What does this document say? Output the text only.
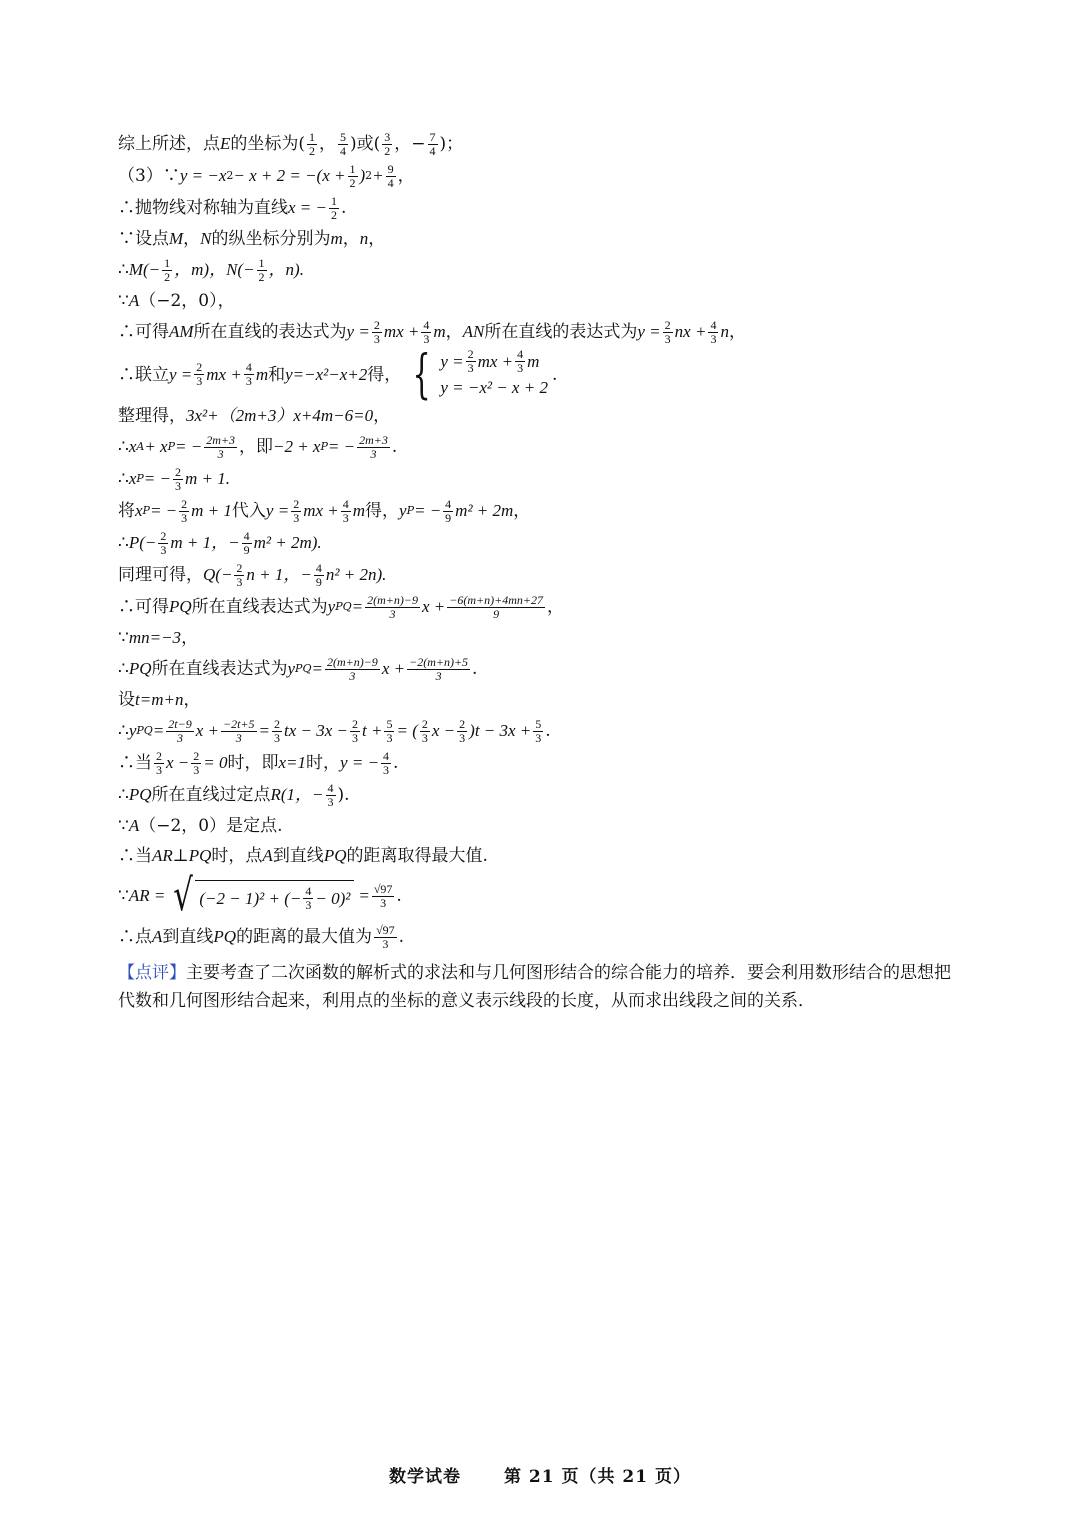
综上所述，点 E 的坐标为( $\frac{1}{2}$ ， $\frac{5}{4}$ )或( $\frac{3}{2}$ ，− $\frac{7}{4}$ )；
（3）∵ y = −x $2 - x + 2 = -(x + \frac{1}{2}$ ) $2 + \frac{9}{4}$ ，
∴抛物线对称轴为直线 x = − $\frac{1}{2}$ .
∵设点 M ， N 的纵坐标分别为 m ， n ，
∴ $M(- \frac{1}{2}$ ，m)，$N(- \frac{1}{2}$ ，n).
∵ A （−2，0），
∴可得 AM 所在直线的表达式为 $y = \frac{2}{3}$ mx + $\frac{4}{3}$ m ， AN 所在直线的表达式为 $y = \frac{2}{3}$ nx + $\frac{4}{3}$ n ，
∴联立 $y = \frac{2}{3}$ mx + $\frac{4}{3}$ m 和 y=−x²−x+2 得， { $y = \frac{2}{3}$ mx + $\frac{4}{3}$ m
y = −x² − x + 2
.
整理得， 3x²+（2m+3）x+4m−6=0 ，
∴ x A + x P = − $\frac{2m+3}{3}$ ，即 −2 + x P = − $\frac{2m+3}{3}$ .
∴ x P = − $\frac{2}{3}$ m + 1.
将 x P = − $\frac{2}{3}$ m + 1 代入 $y = \frac{2}{3}$ mx + $\frac{4}{3}$ m 得， y P = − $\frac{4}{9} m^2 + 2m$ ，
∴ $P(- \frac{2}{3}$ m + 1，− $\frac{4}{9} m^2 + 2m$).
同理可得， $Q(- \frac{2}{3}$ n + 1，− $\frac{4}{9} n^2 + 2n$).
∴可得 PQ 所在直线表达式为 y PQ = $\frac{2(m+n)-9}{3}$ $x + \frac{-6(m+n)+4mn+27}{9}$ ，
∵ mn=−3 ，
∴ PQ 所在直线表达式为 y PQ = $\frac{2(m+n)-9}{3}$ $x + \frac{-2(m+n)+5}{3}$ .
设 t=m+n ，
∴ y PQ = $\frac{2t-9}{3}$ $x + \frac{-2t+5}{3} = \frac{2}{3}$ tx − $3x - \frac{2}{3}$ $t + \frac{5}{3}$ = ( $\frac{2}{3}$ $x - \frac{2}{3} )t - 3x + \frac{5}{3}$ .
∴当 $\frac{2}{3}$ $x - \frac{2}{3} = 0$ 时，即 x=1 时， y = − $\frac{4}{3}$ .
∴ PQ 所在直线过定点 R(1，− $\frac{4}{3}$ ).
∵ A （−2，0）是定点.
∴当 AR⊥PQ 时，点 A 到直线 PQ 的距离取得最大值.
∵ AR = √ (−2 − 1)² + (− $\frac{4}{3} - 0)^2 = \frac{√97}{3}$ .
∴点 A 到直线 PQ 的距离的最大值为 $\frac{√97}{3}$ .
【点评】主要考查了二次函数的解析式的求法和与几何图形结合的综合能力的培养．要会利用数形结合的思想把代数和几何图形结合起来，利用点的坐标的意义表示线段的长度，从而求出线段之间的关系．
数学试卷	第 21 页（共 21 页）
